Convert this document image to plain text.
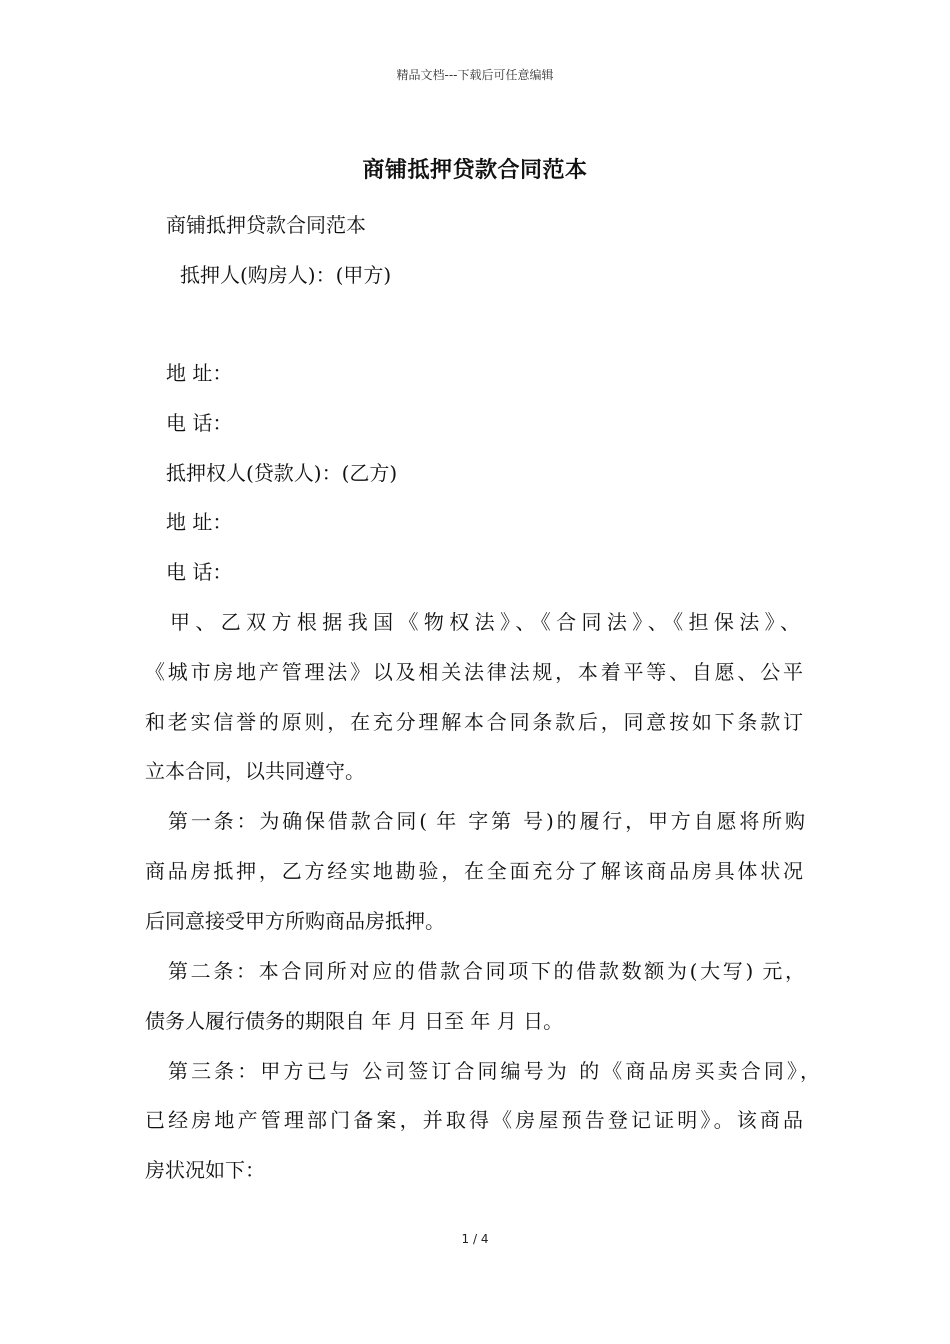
精品文档---下载后可任意编辑
商铺抵押贷款合同范本
商铺抵押贷款合同范本
抵押人(购房人)：(甲方)
地 址：
电 话：
抵押权人(贷款人)：(乙方)
地 址：
电 话：
甲、乙双方根据我国《物权法》、《合同法》、《担保法》、
《城市房地产管理法》以及相关法律法规，本着平等、自愿、公平
和老实信誉的原则，在充分理解本合同条款后，同意按如下条款订
立本合同，以共同遵守。
第一条：为确保借款合同( 年 字第 号)的履行，甲方自愿将所购
商品房抵押，乙方经实地勘验，在全面充分了解该商品房具体状况
后同意接受甲方所购商品房抵押。
第二条：本合同所对应的借款合同项下的借款数额为(大写) 元，
债务人履行债务的期限自 年 月 日至 年 月 日。
第三条：甲方已与 公司签订合同编号为 的《商品房买卖合同》，
已经房地产管理部门备案，并取得《房屋预告登记证明》。该商品
房状况如下：
1 / 4
